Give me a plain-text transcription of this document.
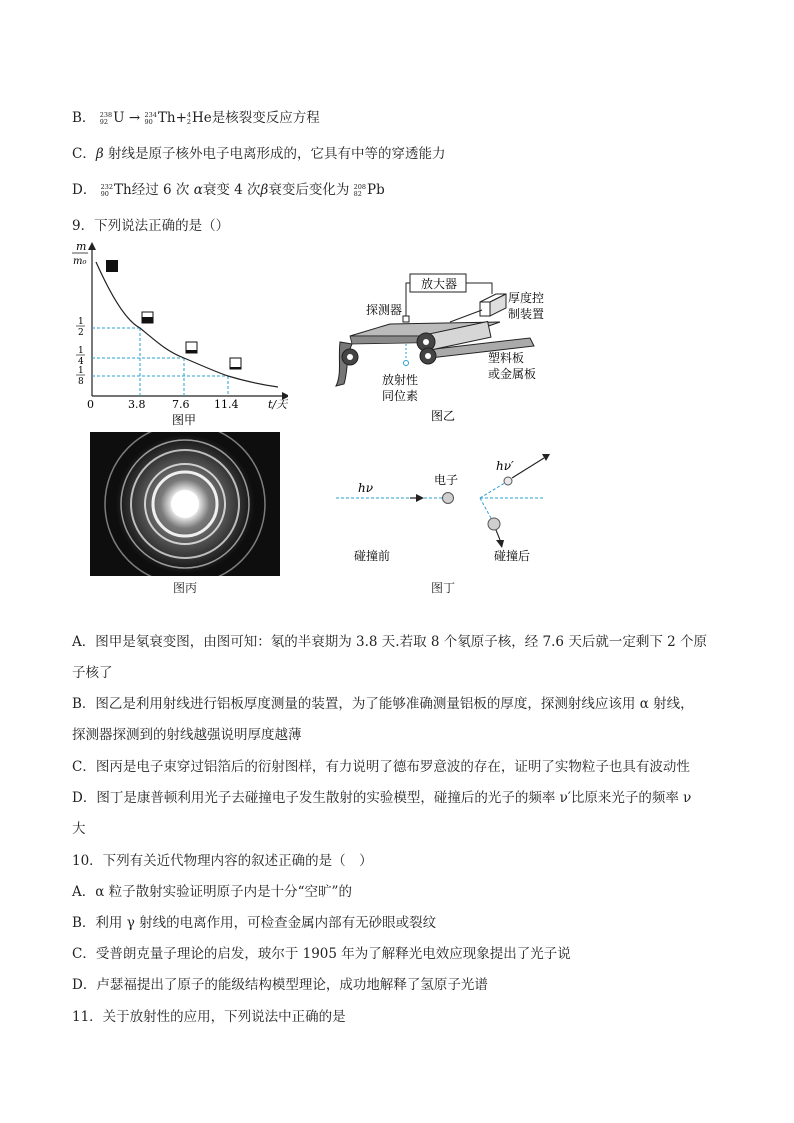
B． 238
92 U → 234
90 Th+ 4
2 He是核裂变反应方程
C．β 射线是原子核外电子电离形成的，它具有中等的穿透能力
D． 232
90 Th经过 6 次 α衰变 4 次β衰变后变化为 208
82 Pb
9．下列说法正确的是（）
m
m₀
1
2
1
4
1
8
0	3.8 7.6 11.4	t/天
图甲
放大器
厚度控
制装置
探测器
放射性
同位素
塑料板
或金属板
图乙
图丙
hν
电子
hν′
碰撞前	碰撞后
图丁
A．图甲是氡衰变图，由图可知：氡的半衰期为 3.8 天.若取 8 个氡原子核，经 7.6 天后就一定剩下 2 个原
子核了
B．图乙是利用射线进行铝板厚度测量的装置，为了能够准确测量铝板的厚度，探测射线应该用 α 射线，
探测器探测到的射线越强说明厚度越薄
C．图丙是电子束穿过铝箔后的衍射图样，有力说明了德布罗意波的存在，证明了实物粒子也具有波动性
D．图丁是康普顿利用光子去碰撞电子发生散射的实验模型，碰撞后的光子的频率 ν′比原来光子的频率 ν
大
10．下列有关近代物理内容的叙述正确的是（　）
A．α 粒子散射实验证明原子内是十分“空旷”的
B．利用 γ 射线的电离作用，可检查金属内部有无砂眼或裂纹
C．受普朗克量子理论的启发，玻尔于 1905 年为了解释光电效应现象提出了光子说
D．卢瑟福提出了原子的能级结构模型理论，成功地解释了氢原子光谱
11．关于放射性的应用，下列说法中正确的是
